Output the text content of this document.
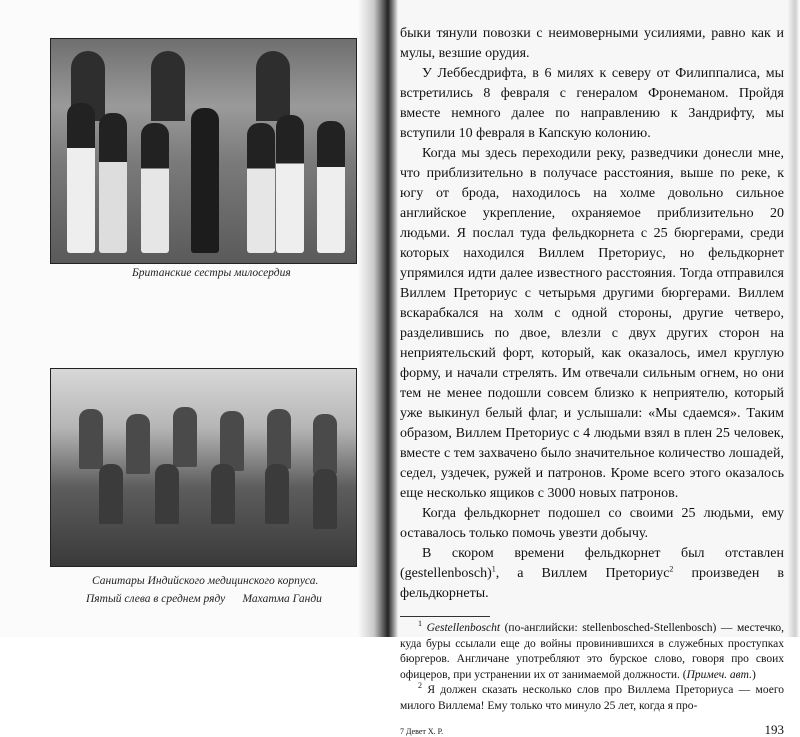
Британские сестры милосердия
Санитары Индийского медицинского корпуса.
Пятый слева в среднем ряду      Махатма Ганди

быки тянули повозки с неимоверными усилиями, равно как и мулы, везшие орудия.

У Леббесдрифта, в 6 милях к северу от Филиппалиса, мы встретились 8 февраля с генералом Фронеманом. Пройдя вместе немного далее по направлению к Зандрифту, мы вступили 10 февраля в Капскую колонию.

Когда мы здесь переходили реку, разведчики донесли мне, что приблизительно в получасе расстояния, выше по реке, к югу от брода, находилось на холме довольно сильное английское укрепление, охраняемое приблизительно 20 людьми. Я послал туда фельдкорнета с 25 бюргерами, среди которых находился Виллем Преториус, но фельдкорнет упрямился идти далее известного расстояния. Тогда отправился Виллем Преториус с четырьмя другими бюргерами. Виллем вскарабкался на холм с одной стороны, другие четверо, разделившись по двое, влезли с двух других сторон на неприятельский форт, который, как оказалось, имел круглую форму, и начали стрелять. Им отвечали сильным огнем, но они тем не менее подошли совсем близко к неприятелю, который уже выкинул белый флаг, и услышали: «Мы сдаемся». Таким образом, Виллем Преториус с 4 людьми взял в плен 25 человек, вместе с тем захвачено было значительное количество лошадей, седел, уздечек, ружей и патронов. Кроме всего этого оказалось еще несколько ящиков с 3000 новых патронов.

Когда фельдкорнет подошел со своими 25 людьми, ему оставалось только помочь увезти добычу.

В скором времени фельдкорнет был отставлен (gestellenbosch)$^1$, а Виллем Преториус$^2$ произведен в фельдкорнеты.

$^1$ Gestellenboscht (по-английски: stellenbosched-Stellenbosch) — местечко, куда буры ссылали еще до войны провинившихся в служебных проступках бюргеров. Англичане употребляют это бурское слово, говоря про своих офицеров, при устранении их от занимаемой должности. (Примеч. авт.)

$^2$ Я должен сказать несколько слов про Виллема Преториуса — моего милого Виллема! Ему только что минуло 25 лет, когда я про-

7 Девет Х. Р.	193
